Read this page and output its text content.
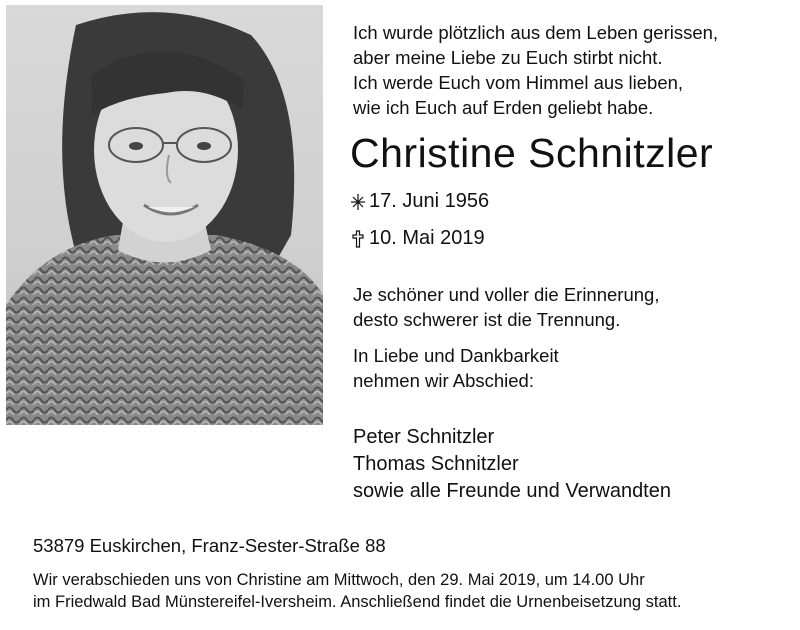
Ich wurde plötzlich aus dem Leben gerissen,
aber meine Liebe zu Euch stirbt nicht.
Ich werde Euch vom Himmel aus lieben,
wie ich Euch auf Erden geliebt habe.
Christine Schnitzler
17. Juni 1956
10. Mai 2019
Je schöner und voller die Erinnerung,
desto schwerer ist die Trennung.
In Liebe und Dankbarkeit
nehmen wir Abschied:
Peter Schnitzler
Thomas Schnitzler
sowie alle Freunde und Verwandten
53879 Euskirchen, Franz-Sester-Straße 88
Wir verabschieden uns von Christine am Mittwoch, den 29. Mai 2019, um 14.00 Uhr
im Friedwald Bad Münstereifel-Iversheim. Anschließend findet die Urnenbeisetzung statt.
